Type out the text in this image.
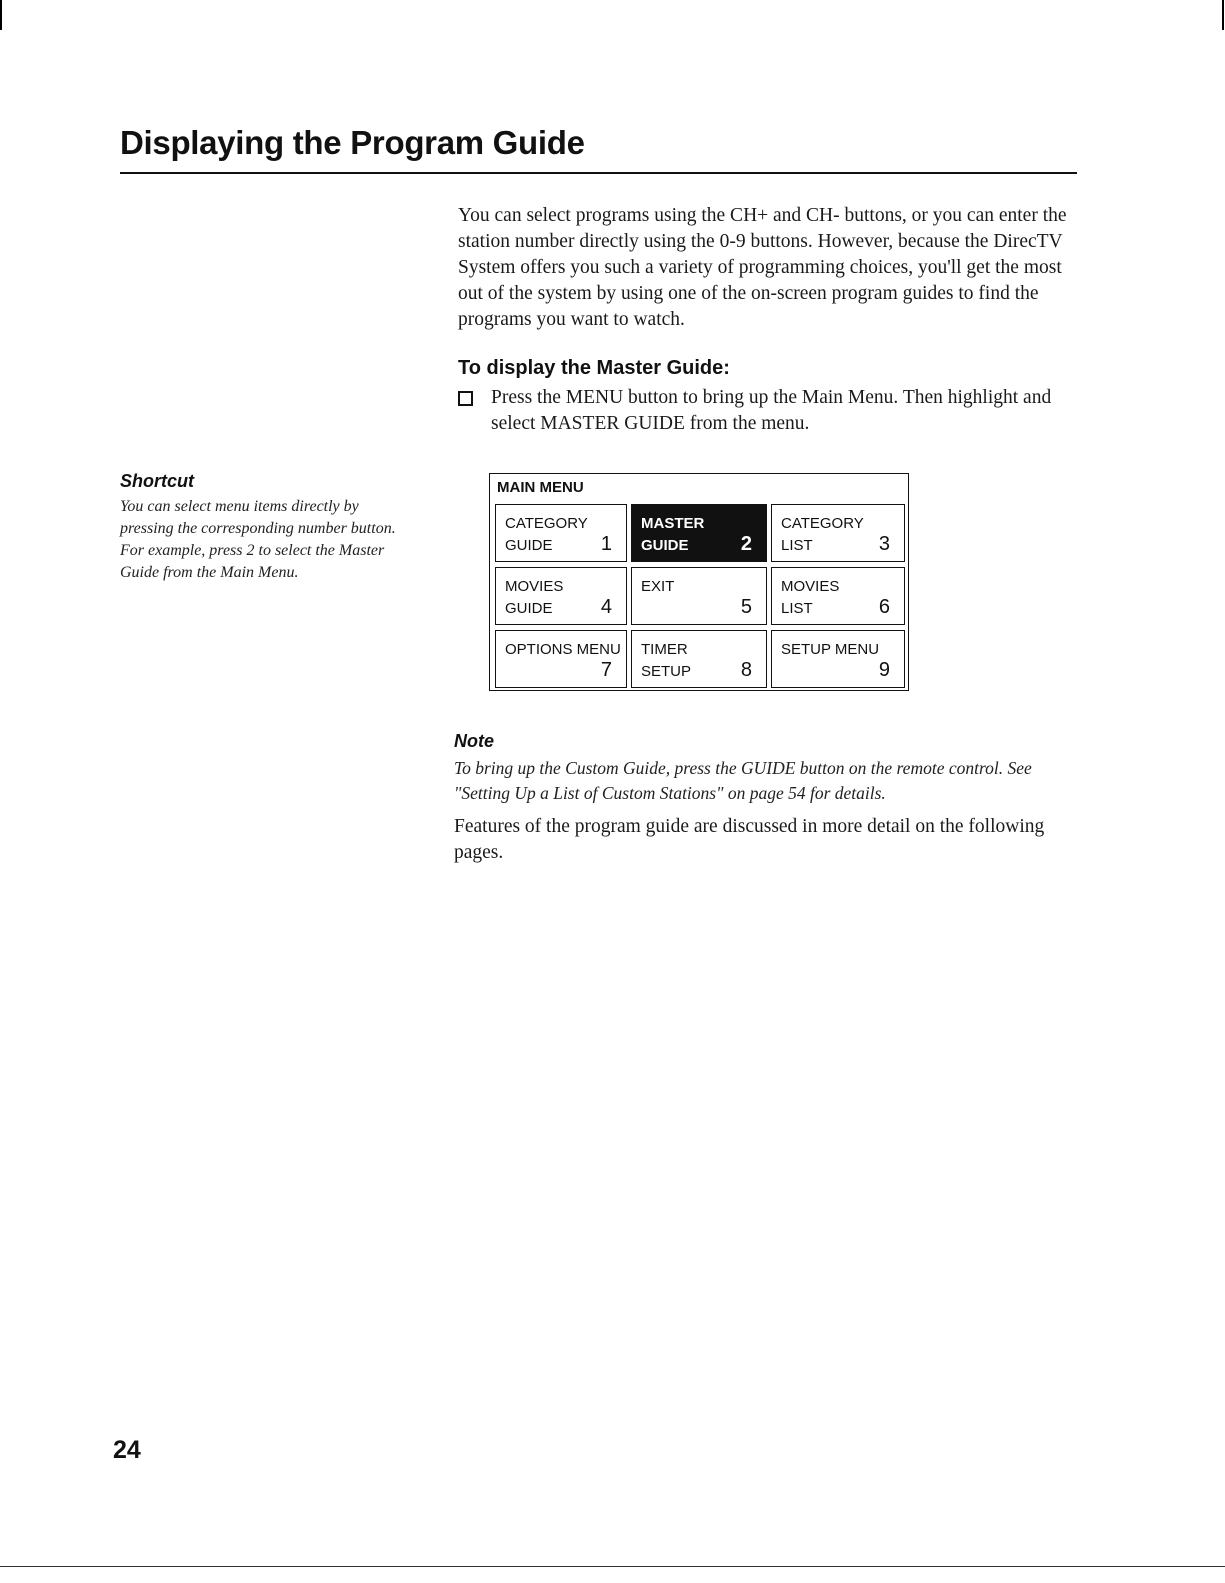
Displaying the Program Guide

You can select programs using the CH+ and CH- buttons, or you can enter the station number directly using the 0-9 buttons. However, because the DirecTV System offers you such a variety of programming choices, you'll get the most out of the system by using one of the on-screen program guides to find the programs you want to watch.

To display the Master Guide:

Press the MENU button to bring up the Main Menu. Then highlight and select MASTER GUIDE from the menu.

Shortcut

You can select menu items directly by pressing the corresponding number button. For example, press 2 to select the Master Guide from the Main Menu.

MAIN MENU

CATEGORY
GUIDE	1

MASTER
GUIDE	2

CATEGORY
LIST	3

MOVIES
GUIDE	4

EXIT

5

MOVIES
LIST	6

OPTIONS MENU

7

TIMER
SETUP 8

SETUP MENU

9

Note

To bring up the Custom Guide, press the GUIDE button on the remote control. See "Setting Up a List of Custom Stations" on page 54 for details.

Features of the program guide are discussed in more detail on the following pages.

24
